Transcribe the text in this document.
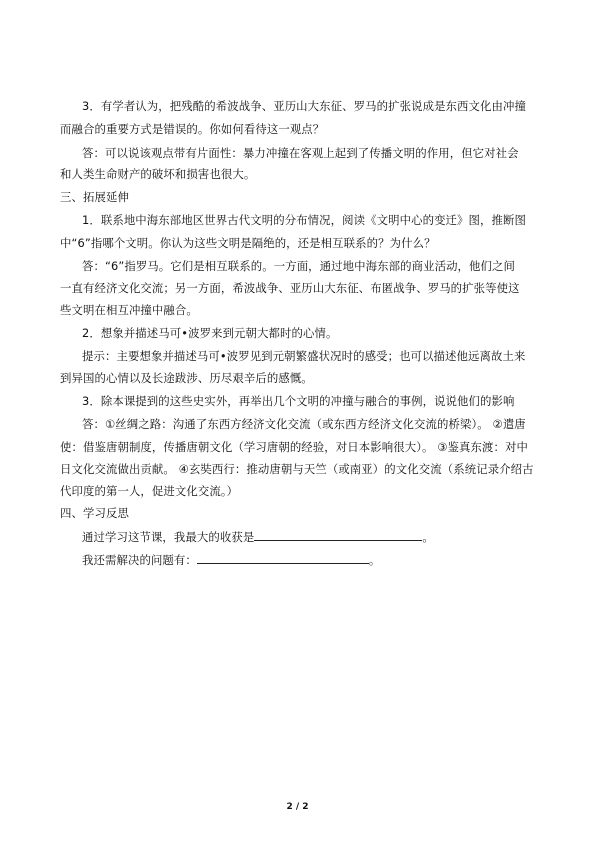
3．有学者认为，把残酷的希波战争、亚历山大东征、罗马的扩张说成是东西文化由冲撞
而融合的重要方式是错误的。你如何看待这一观点？
答：可以说该观点带有片面性：暴力冲撞在客观上起到了传播文明的作用，但它对社会
和人类生命财产的破坏和损害也很大。
三、拓展延伸
1．联系地中海东部地区世界古代文明的分布情况，阅读《文明中心的变迁》图，推断图
中“6”指哪个文明。你认为这些文明是隔绝的，还是相互联系的？为什么？
答：“6”指罗马。它们是相互联系的。一方面，通过地中海东部的商业活动，他们之间
一直有经济文化交流；另一方面，希波战争、亚历山大东征、布匿战争、罗马的扩张等使这
些文明在相互冲撞中融合。
2．想象并描述马可•波罗来到元朝大都时的心情。
提示：主要想象并描述马可•波罗见到元朝繁盛状况时的感受；也可以描述他远离故土来
到异国的心情以及长途跋涉、历尽艰辛后的感慨。
3．除本课提到的这些史实外，再举出几个文明的冲撞与融合的事例，说说他们的影响
答：①丝绸之路：沟通了东西方经济文化交流（或东西方经济文化交流的桥梁）。 ②遣唐
使：借鉴唐朝制度，传播唐朝文化（学习唐朝的经验，对日本影响很大）。 ③鉴真东渡：对中
日文化交流做出贡献。 ④玄奘西行：推动唐朝与天竺（或南亚）的文化交流（系统记录介绍古
代印度的第一人，促进文化交流。）
四、学习反思
通过学习这节课，我最大的收获是	。
我还需解决的问题有：	。
2 / 2
